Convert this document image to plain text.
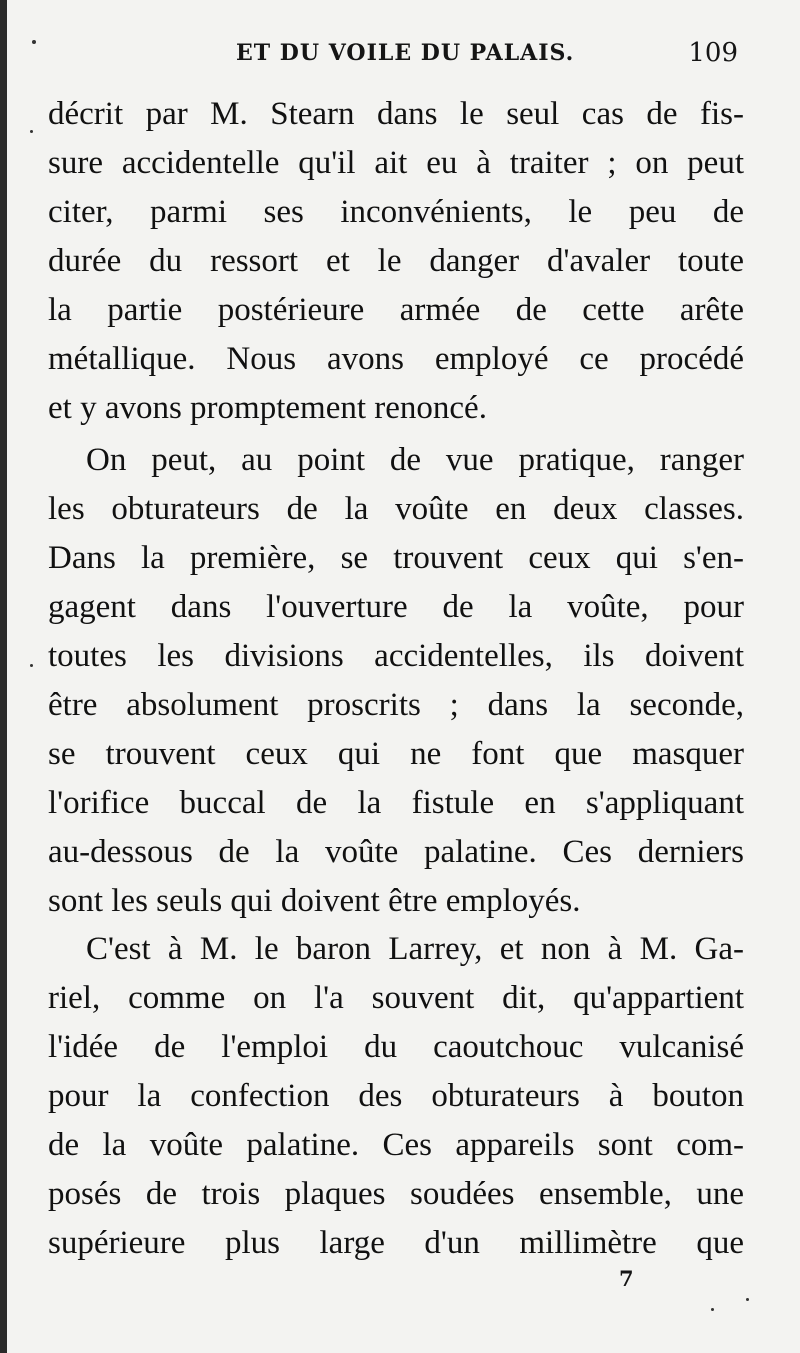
ET DU VOILE DU PALAIS.	109
décrit par M. Stearn dans le seul cas de fis-
sure accidentelle qu'il ait eu à traiter ; on peut
citer, parmi ses inconvénients, le peu de
durée du ressort et le danger d'avaler toute
la partie postérieure armée de cette arête
métallique. Nous avons employé ce procédé
et y avons promptement renoncé.
On peut, au point de vue pratique, ranger
les obturateurs de la voûte en deux classes.
Dans la première, se trouvent ceux qui s'en-
gagent dans l'ouverture de la voûte, pour
toutes les divisions accidentelles, ils doivent
être absolument proscrits ; dans la seconde,
se trouvent ceux qui ne font que masquer
l'orifice buccal de la fistule en s'appliquant
au-dessous de la voûte palatine. Ces derniers
sont les seuls qui doivent être employés.
C'est à M. le baron Larrey, et non à M. Ga-
riel, comme on l'a souvent dit, qu'appartient
l'idée de l'emploi du caoutchouc vulcanisé
pour la confection des obturateurs à bouton
de la voûte palatine. Ces appareils sont com-
posés de trois plaques soudées ensemble, une
supérieure plus large d'un millimètre que
7
